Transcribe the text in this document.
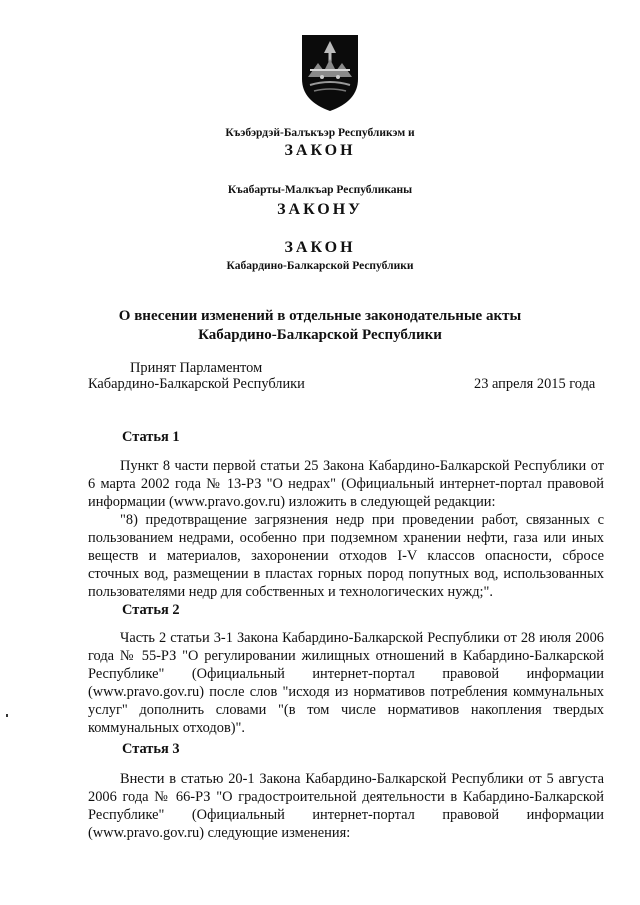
Къэбэрдэй-Балъкъэр Республикэм и
ЗАКОН
Къабарты-Малкъар Республиканы
ЗАКОНУ
ЗАКОН
Кабардино-Балкарской Республики
О внесении изменений в отдельные законодательные акты
Кабардино-Балкарской Республики
Принят Парламентом
Кабардино-Балкарской Республики	23 апреля 2015 года
Статья 1

Пункт 8 части первой статьи 25 Закона Кабардино-Балкарской Республики от 6 марта 2002 года № 13-РЗ "О недрах" (Официальный интернет-портал правовой информации (www.pravo.gov.ru) изложить в следующей редакции:

"8) предотвращение загрязнения недр при проведении работ, связанных с пользованием недрами, особенно при подземном хранении нефти, газа или иных веществ и материалов, захоронении отходов I-V классов опасности, сбросе сточных вод, размещении в пластах горных пород попутных вод, использованных пользователями недр для собственных и технологических нужд;".

Статья 2

Часть 2 статьи 3-1 Закона Кабардино-Балкарской Республики от 28 июля 2006 года № 55-РЗ "О регулировании жилищных отношений в Кабардино-Балкарской Республике" (Официальный интернет-портал правовой информации (www.pravo.gov.ru) после слов "исходя из нормативов потребления коммунальных услуг" дополнить словами "(в том числе нормативов накопления твердых коммунальных отходов)".

Статья 3

Внести в статью 20-1 Закона Кабардино-Балкарской Республики от 5 августа 2006 года № 66-РЗ "О градостроительной деятельности в Кабардино-Балкарской Республике" (Официальный интернет-портал правовой информации (www.pravo.gov.ru) следующие изменения:
